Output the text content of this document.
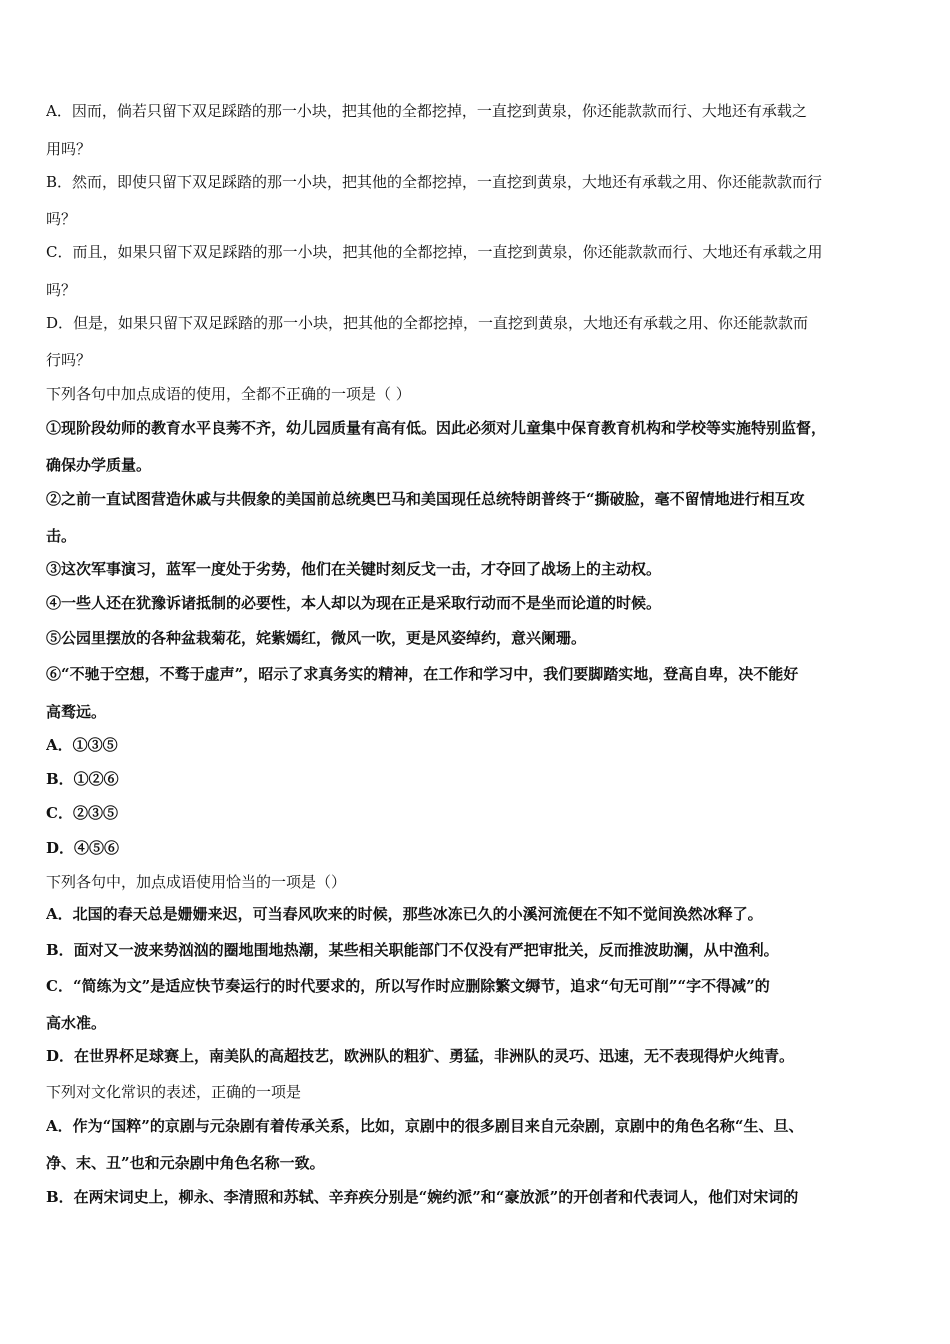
A．因而，倘若只留下双足踩踏的那一小块，把其他的全都挖掉，一直挖到黄泉，你还能款款而行、大地还有承载之
用吗？
B．然而，即使只留下双足踩踏的那一小块，把其他的全都挖掉，一直挖到黄泉，大地还有承载之用、你还能款款而行
吗？
C．而且，如果只留下双足踩踏的那一小块，把其他的全都挖掉，一直挖到黄泉，你还能款款而行、大地还有承载之用
吗？
D．但是，如果只留下双足踩踏的那一小块，把其他的全都挖掉，一直挖到黄泉，大地还有承载之用、你还能款款而
行吗？
下列各句中加点成语的使用，全都不正确的一项是（ ）
①现阶段幼师的教育水平良莠不齐，幼儿园质量有高有低。因此必须对儿童集中保育教育机构和学校等实施特别监督，
确保办学质量。
②之前一直试图营造休戚与共假象的美国前总统奥巴马和美国现任总统特朗普终于“撕破脸，毫不留情地进行相互攻
击。
③这次军事演习，蓝军一度处于劣势，他们在关键时刻反戈一击，才夺回了战场上的主动权。
④一些人还在犹豫诉诸抵制的必要性，本人却以为现在正是采取行动而不是坐而论道的时候。
⑤公园里摆放的各种盆栽菊花，姹紫嫣红，微风一吹，更是风姿绰约，意兴阑珊。
⑥“不驰于空想，不骛于虚声”，昭示了求真务实的精神，在工作和学习中，我们要脚踏实地，登高自卑，决不能好
高骛远。
A．①③⑤
B．①②⑥
C．②③⑤
D．④⑤⑥
下列各句中，加点成语使用恰当的一项是（）
A．北国的春天总是姗姗来迟，可当春风吹来的时候，那些冰冻已久的小溪河流便在不知不觉间涣然冰释了。
B．面对又一波来势汹汹的圈地围地热潮，某些相关职能部门不仅没有严把审批关，反而推波助澜，从中渔利。
C．“简练为文”是适应快节奏运行的时代要求的，所以写作时应删除繁文缛节，追求“句无可削”“字不得减”的
高水准。
D．在世界杯足球赛上，南美队的高超技艺，欧洲队的粗犷、勇猛，非洲队的灵巧、迅速，无不表现得炉火纯青。
下列对文化常识的表述，正确的一项是
A．作为“国粹”的京剧与元杂剧有着传承关系，比如，京剧中的很多剧目来自元杂剧，京剧中的角色名称“生、旦、
净、末、丑”也和元杂剧中角色名称一致。
B．在两宋词史上，柳永、李清照和苏轼、辛弃疾分别是“婉约派”和“豪放派”的开创者和代表词人，他们对宋词的
